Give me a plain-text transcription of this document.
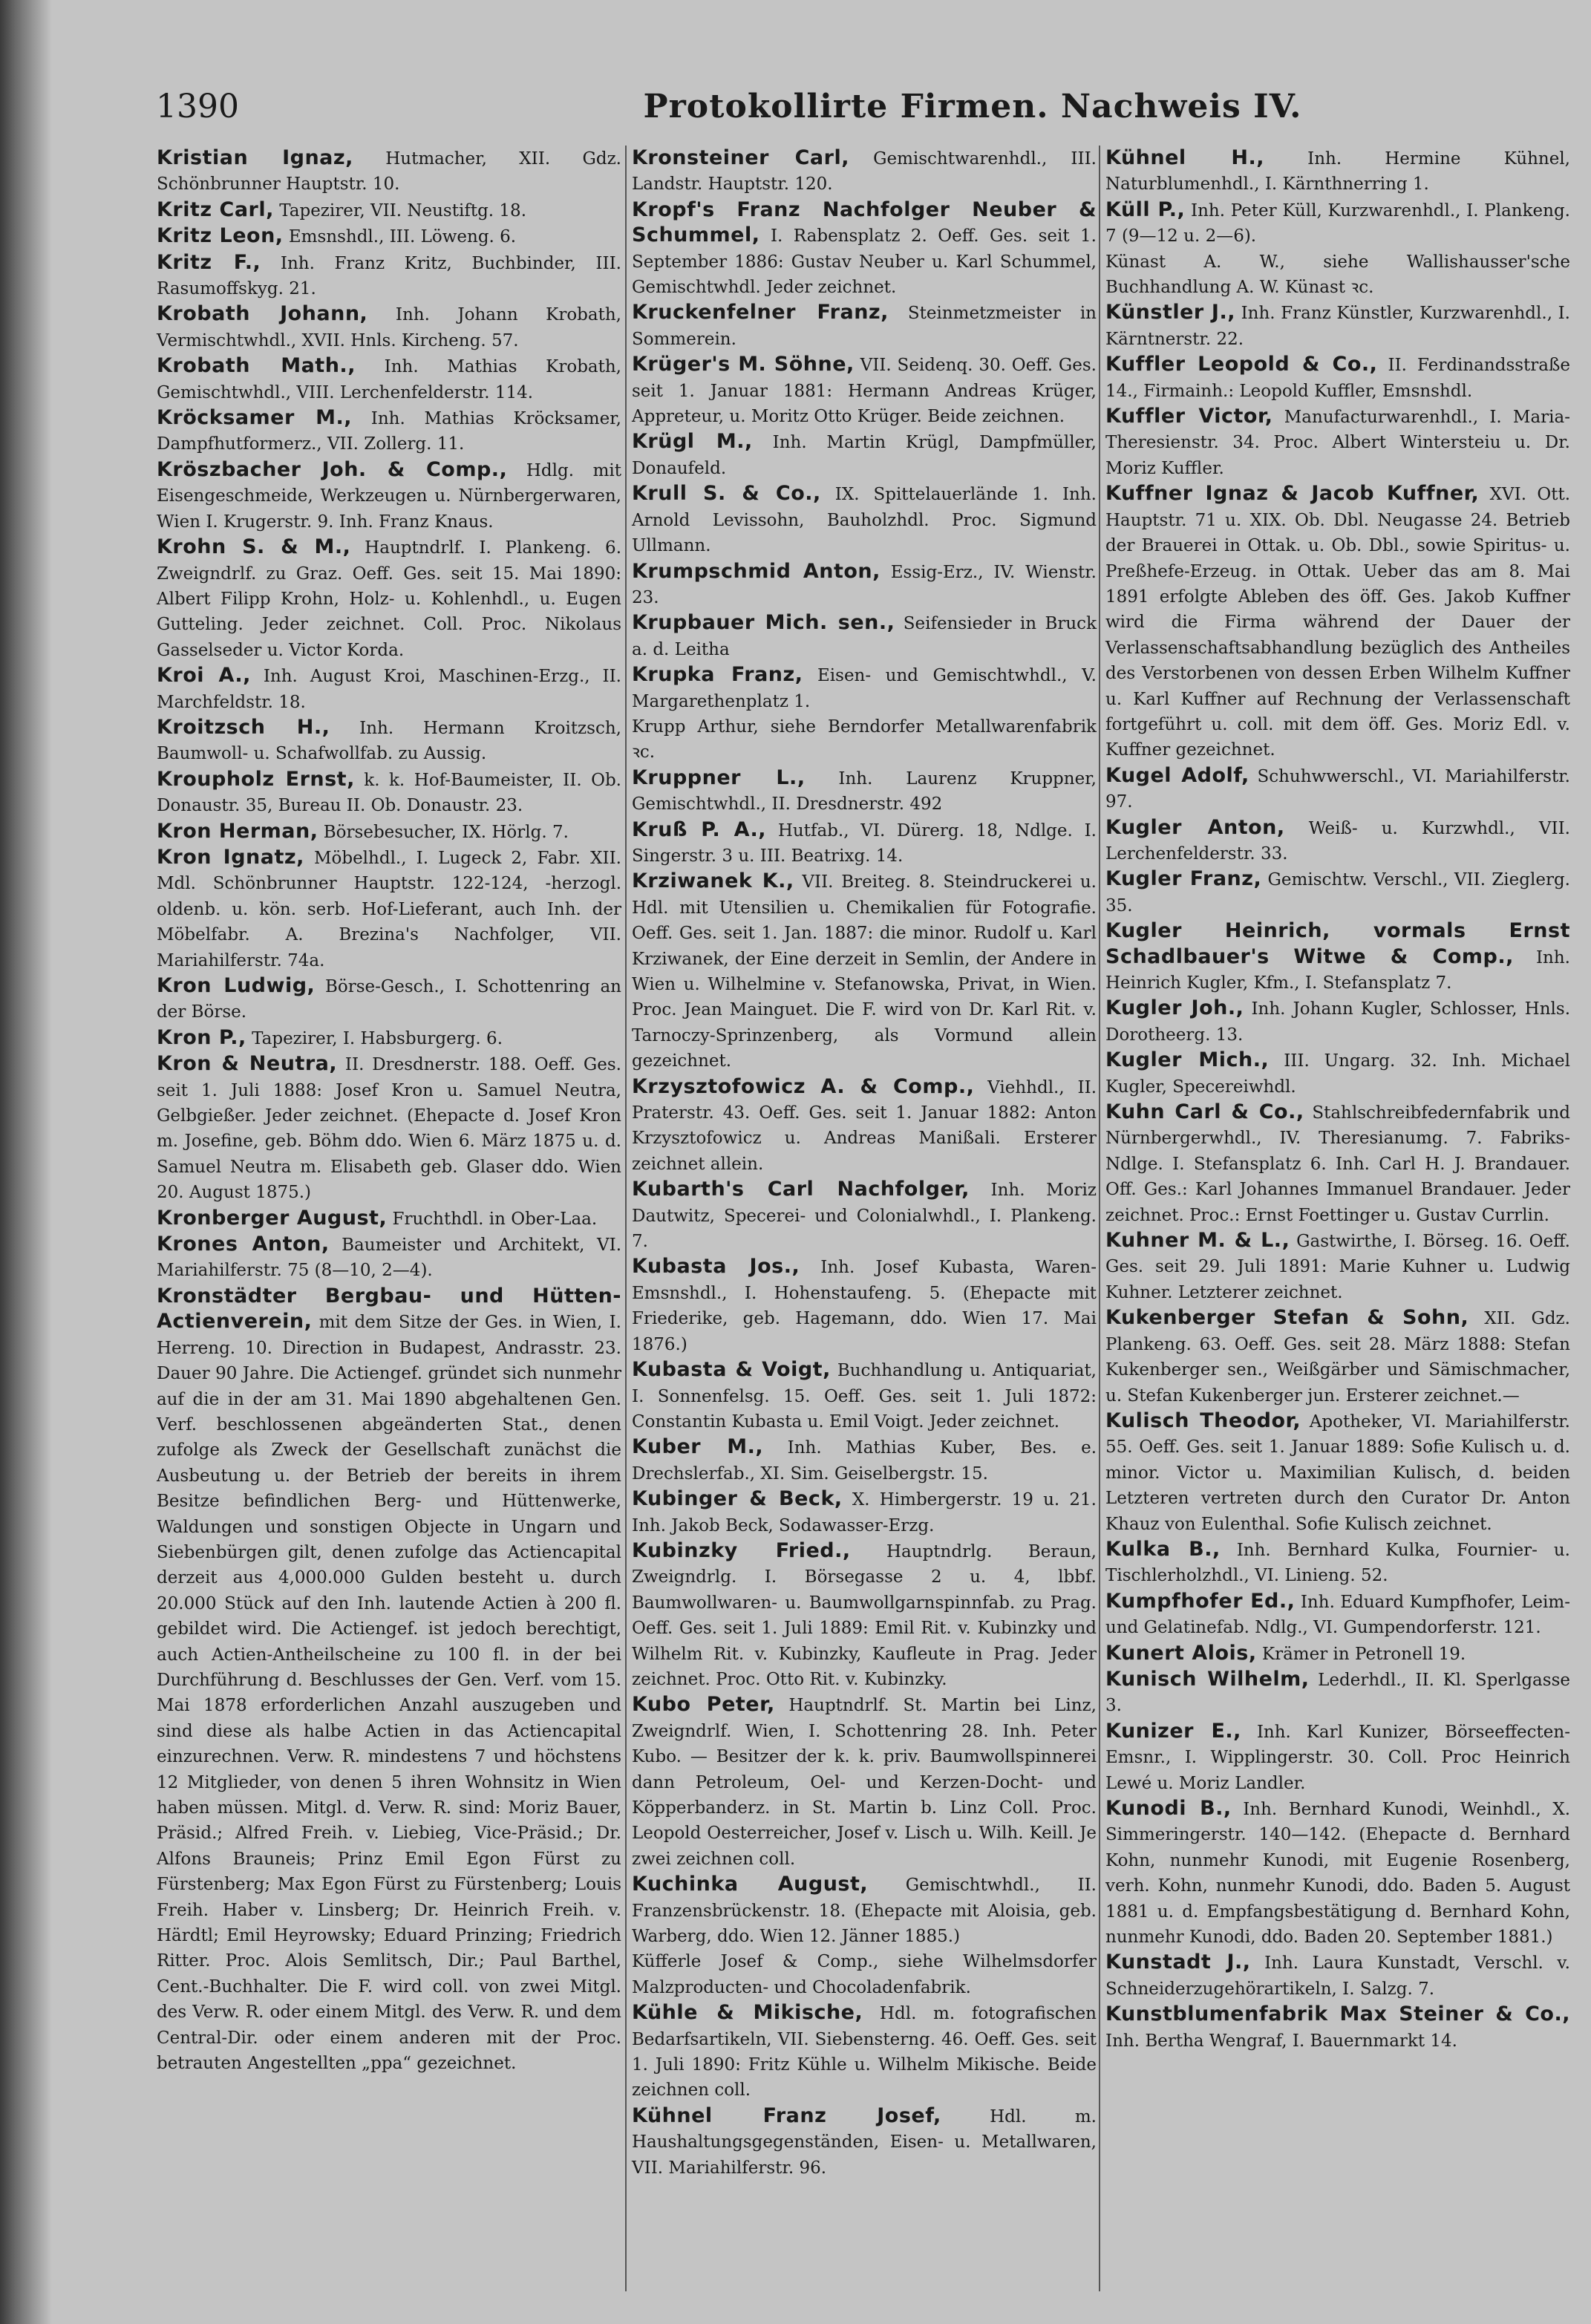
1390	Protokollirte Firmen. Nachweis IV.

Kristian Ignaz, Hutmacher, XII. Gdz. Schönbrunner Hauptstr. 10.

Kritz Carl, Tapezirer, VII. Neustiftg. 18.

Kritz Leon, Emsnshdl., III. Löweng. 6.

Kritz F., Inh. Franz Kritz, Buchbinder, III. Rasumoffskyg. 21.

Krobath Johann, Inh. Johann Krobath, Vermischtwhdl., XVII. Hnls. Kircheng. 57.

Krobath Math., Inh. Mathias Krobath, Gemischtwhdl., VIII. Lerchenfelderstr. 114.

Kröcksamer M., Inh. Mathias Kröcksamer, Dampfhutformerz., VII. Zollerg. 11.

Kröszbacher Joh. & Comp., Hdlg. mit Eisengeschmeide, Werkzeugen u. Nürnbergerwaren, Wien I. Krugerstr. 9. Inh. Franz Knaus.

Krohn S. & M., Hauptndrlf. I. Plankeng. 6. Zweigndrlf. zu Graz. Oeff. Ges. seit 15. Mai 1890: Albert Filipp Krohn, Holz- u. Kohlenhdl., u. Eugen Gutteling. Jeder zeichnet. Coll. Proc. Nikolaus Gasselseder u. Victor Korda.

Kroi A., Inh. August Kroi, Maschinen-Erzg., II. Marchfeldstr. 18.

Kroitzsch H., Inh. Hermann Kroitzsch, Baumwoll- u. Schafwollfab. zu Aussig.

Kroupholz Ernst, k. k. Hof-Baumeister, II. Ob. Donaustr. 35, Bureau II. Ob. Donaustr. 23.

Kron Herman, Börsebesucher, IX. Hörlg. 7.

Kron Ignatz, Möbelhdl., I. Lugeck 2, Fabr. XII. Mdl. Schönbrunner Hauptstr. 122-124, -herzogl. oldenb. u. kön. serb. Hof-Lieferant, auch Inh. der Möbelfabr. A. Brezina's Nachfolger, VII. Mariahilferstr. 74a.

Kron Ludwig, Börse-Gesch., I. Schottenring an der Börse.

Kron P., Tapezirer, I. Habsburgerg. 6.

Kron & Neutra, II. Dresdnerstr. 188. Oeff. Ges. seit 1. Juli 1888: Josef Kron u. Samuel Neutra, Gelbgießer. Jeder zeichnet. (Ehepacte d. Josef Kron m. Josefine, geb. Böhm ddo. Wien 6. März 1875 u. d. Samuel Neutra m. Elisabeth geb. Glaser ddo. Wien 20. August 1875.)

Kronberger August, Fruchthdl. in Ober-Laa.

Krones Anton, Baumeister und Architekt, VI. Mariahilferstr. 75 (8—10, 2—4).

Kronstädter Bergbau- und Hütten-Actienverein, mit dem Sitze der Ges. in Wien, I. Herreng. 10. Direction in Budapest, Andrasstr. 23. Dauer 90 Jahre. Die Actiengef. gründet sich nunmehr auf die in der am 31. Mai 1890 abgehaltenen Gen. Verf. beschlossenen abgeänderten Stat., denen zufolge als Zweck der Gesellschaft zunächst die Ausbeutung u. der Betrieb der bereits in ihrem Besitze befindlichen Berg- und Hüttenwerke, Waldungen und sonstigen Objecte in Ungarn und Siebenbürgen gilt, denen zufolge das Actiencapital derzeit aus 4,000.000 Gulden besteht u. durch 20.000 Stück auf den Inh. lautende Actien à 200 fl. gebildet wird. Die Actiengef. ist jedoch berechtigt, auch Actien-Antheilscheine zu 100 fl. in der bei Durchführung d. Beschlusses der Gen. Verf. vom 15. Mai 1878 erforderlichen Anzahl auszugeben und sind diese als halbe Actien in das Actiencapital einzurechnen. Verw. R. mindestens 7 und höchstens 12 Mitglieder, von denen 5 ihren Wohnsitz in Wien haben müssen. Mitgl. d. Verw. R. sind: Moriz Bauer, Präsid.; Alfred Freih. v. Liebieg, Vice-Präsid.; Dr. Alfons Brauneis; Prinz Emil Egon Fürst zu Fürstenberg; Max Egon Fürst zu Fürstenberg; Louis Freih. Haber v. Linsberg; Dr. Heinrich Freih. v. Härdtl; Emil Heyrowsky; Eduard Prinzing; Friedrich Ritter. Proc. Alois Semlitsch, Dir.; Paul Barthel, Cent.-Buchhalter. Die F. wird coll. von zwei Mitgl. des Verw. R. oder einem Mitgl. des Verw. R. und dem Central-Dir. oder einem anderen mit der Proc. betrauten Angestellten „ppa“ gezeichnet.

Kronsteiner Carl, Gemischtwarenhdl., III. Landstr. Hauptstr. 120.

Kropf's Franz Nachfolger Neuber & Schummel, I. Rabensplatz 2. Oeff. Ges. seit 1. September 1886: Gustav Neuber u. Karl Schummel, Gemischtwhdl. Jeder zeichnet.

Kruckenfelner Franz, Steinmetzmeister in Sommerein.

Krüger's M. Söhne, VII. Seidenq. 30. Oeff. Ges. seit 1. Januar 1881: Hermann Andreas Krüger, Appreteur, u. Moritz Otto Krüger. Beide zeichnen.

Krügl M., Inh. Martin Krügl, Dampfmüller, Donaufeld.

Krull S. & Co., IX. Spittelauerlände 1. Inh. Arnold Levissohn, Bauholzhdl. Proc. Sigmund Ullmann.

Krumpschmid Anton, Essig-Erz., IV. Wienstr. 23.

Krupbauer Mich. sen., Seifensieder in Bruck a. d. Leitha

Krupka Franz, Eisen- und Gemischtwhdl., V. Margarethenplatz 1.

Krupp Arthur, siehe Berndorfer Metallwarenfabrik ꝛc.

Kruppner L., Inh. Laurenz Kruppner, Gemischtwhdl., II. Dresdnerstr. 492

Kruß P. A., Hutfab., VI. Dürerg. 18, Ndlge. I. Singerstr. 3 u. III. Beatrixg. 14.

Krziwanek K., VII. Breiteg. 8. Steindruckerei u. Hdl. mit Utensilien u. Chemikalien für Fotografie. Oeff. Ges. seit 1. Jan. 1887: die minor. Rudolf u. Karl Krziwanek, der Eine derzeit in Semlin, der Andere in Wien u. Wilhelmine v. Stefanowska, Privat, in Wien. Proc. Jean Mainguet. Die F. wird von Dr. Karl Rit. v. Tarnoczy-Sprinzenberg, als Vormund allein gezeichnet.

Krzysztofowicz A. & Comp., Viehhdl., II. Praterstr. 43. Oeff. Ges. seit 1. Januar 1882: Anton Krzysztofowicz u. Andreas Manißali. Ersterer zeichnet allein.

Kubarth's Carl Nachfolger, Inh. Moriz Dautwitz, Specerei- und Colonialwhdl., I. Plankeng. 7.

Kubasta Jos., Inh. Josef Kubasta, Waren-Emsnshdl., I. Hohenstaufeng. 5. (Ehepacte mit Friederike, geb. Hagemann, ddo. Wien 17. Mai 1876.)

Kubasta & Voigt, Buchhandlung u. Antiquariat, I. Sonnenfelsg. 15. Oeff. Ges. seit 1. Juli 1872: Constantin Kubasta u. Emil Voigt. Jeder zeichnet.

Kuber M., Inh. Mathias Kuber, Bes. e. Drechslerfab., XI. Sim. Geiselbergstr. 15.

Kubinger & Beck, X. Himbergerstr. 19 u. 21. Inh. Jakob Beck, Sodawasser-Erzg.

Kubinzky Fried., Hauptndrlg. Beraun, Zweigndrlg. I. Börsegasse 2 u. 4, lbbf. Baumwollwaren- u. Baumwollgarnspinnfab. zu Prag. Oeff. Ges. seit 1. Juli 1889: Emil Rit. v. Kubinzky und Wilhelm Rit. v. Kubinzky, Kaufleute in Prag. Jeder zeichnet. Proc. Otto Rit. v. Kubinzky.

Kubo Peter, Hauptndrlf. St. Martin bei Linz, Zweigndrlf. Wien, I. Schottenring 28. Inh. Peter Kubo. — Besitzer der k. k. priv. Baumwollspinnerei dann Petroleum, Oel- und Kerzen-Docht- und Köpperbanderz. in St. Martin b. Linz Coll. Proc. Leopold Oesterreicher, Josef v. Lisch u. Wilh. Keill. Je zwei zeichnen coll.

Kuchinka August, Gemischtwhdl., II. Franzensbrückenstr. 18. (Ehepacte mit Aloisia, geb. Warberg, ddo. Wien 12. Jänner 1885.)

Küfferle Josef & Comp., siehe Wilhelmsdorfer Malzproducten- und Chocoladenfabrik.

Kühle & Mikische, Hdl. m. fotografischen Bedarfsartikeln, VII. Siebensterng. 46. Oeff. Ges. seit 1. Juli 1890: Fritz Kühle u. Wilhelm Mikische. Beide zeichnen coll.

Kühnel Franz Josef, Hdl. m. Haushaltungsgegenständen, Eisen- u. Metallwaren, VII. Mariahilferstr. 96.

Kühnel H., Inh. Hermine Kühnel, Naturblumenhdl., I. Kärnthnerring 1.

Küll P., Inh. Peter Küll, Kurzwarenhdl., I. Plankeng. 7 (9—12 u. 2—6).

Künast A. W., siehe Wallishausser'sche Buchhandlung A. W. Künast ꝛc.

Künstler J., Inh. Franz Künstler, Kurzwarenhdl., I. Kärntnerstr. 22.

Kuffler Leopold & Co., II. Ferdinandsstraße 14., Firmainh.: Leopold Kuffler, Emsnshdl.

Kuffler Victor, Manufacturwarenhdl., I. Maria-Theresienstr. 34. Proc. Albert Wintersteiu u. Dr. Moriz Kuffler.

Kuffner Ignaz & Jacob Kuffner, XVI. Ott. Hauptstr. 71 u. XIX. Ob. Dbl. Neugasse 24. Betrieb der Brauerei in Ottak. u. Ob. Dbl., sowie Spiritus- u. Preßhefe-Erzeug. in Ottak. Ueber das am 8. Mai 1891 erfolgte Ableben des öff. Ges. Jakob Kuffner wird die Firma während der Dauer der Verlassenschaftsabhandlung bezüglich des Antheiles des Verstorbenen von dessen Erben Wilhelm Kuffner u. Karl Kuffner auf Rechnung der Verlassenschaft fortgeführt u. coll. mit dem öff. Ges. Moriz Edl. v. Kuffner gezeichnet.

Kugel Adolf, Schuhwwerschl., VI. Mariahilferstr. 97.

Kugler Anton, Weiß- u. Kurzwhdl., VII. Lerchenfelderstr. 33.

Kugler Franz, Gemischtw. Verschl., VII. Zieglerg. 35.

Kugler Heinrich, vormals Ernst Schadlbauer's Witwe & Comp., Inh. Heinrich Kugler, Kfm., I. Stefansplatz 7.

Kugler Joh., Inh. Johann Kugler, Schlosser, Hnls. Dorotheerg. 13.

Kugler Mich., III. Ungarg. 32. Inh. Michael Kugler, Specereiwhdl.

Kuhn Carl & Co., Stahlschreibfedernfabrik und Nürnbergerwhdl., IV. Theresianumg. 7. Fabriks-Ndlge. I. Stefansplatz 6. Inh. Carl H. J. Brandauer. Off. Ges.: Karl Johannes Immanuel Brandauer. Jeder zeichnet. Proc.: Ernst Foettinger u. Gustav Currlin.

Kuhner M. & L., Gastwirthe, I. Börseg. 16. Oeff. Ges. seit 29. Juli 1891: Marie Kuhner u. Ludwig Kuhner. Letzterer zeichnet.

Kukenberger Stefan & Sohn, XII. Gdz. Plankeng. 63. Oeff. Ges. seit 28. März 1888: Stefan Kukenberger sen., Weißgärber und Sämischmacher, u. Stefan Kukenberger jun. Ersterer zeichnet.—

Kulisch Theodor, Apotheker, VI. Mariahilferstr. 55. Oeff. Ges. seit 1. Januar 1889: Sofie Kulisch u. d. minor. Victor u. Maximilian Kulisch, d. beiden Letzteren vertreten durch den Curator Dr. Anton Khauz von Eulenthal. Sofie Kulisch zeichnet.

Kulka B., Inh. Bernhard Kulka, Fournier- u. Tischlerholzhdl., VI. Linieng. 52.

Kumpfhofer Ed., Inh. Eduard Kumpfhofer, Leim- und Gelatinefab. Ndlg., VI. Gumpendorferstr. 121.

Kunert Alois, Krämer in Petronell 19.

Kunisch Wilhelm, Lederhdl., II. Kl. Sperlgasse 3.

Kunizer E., Inh. Karl Kunizer, Börseeffecten-Emsnr., I. Wipplingerstr. 30. Coll. Proc Heinrich Lewé u. Moriz Landler.

Kunodi B., Inh. Bernhard Kunodi, Weinhdl., X. Simmeringerstr. 140—142. (Ehepacte d. Bernhard Kohn, nunmehr Kunodi, mit Eugenie Rosenberg, verh. Kohn, nunmehr Kunodi, ddo. Baden 5. August 1881 u. d. Empfangsbestätigung d. Bernhard Kohn, nunmehr Kunodi, ddo. Baden 20. September 1881.)

Kunstadt J., Inh. Laura Kunstadt, Verschl. v. Schneiderzugehörartikeln, I. Salzg. 7.

Kunstblumenfabrik Max Steiner & Co., Inh. Bertha Wengraf, I. Bauernmarkt 14.
